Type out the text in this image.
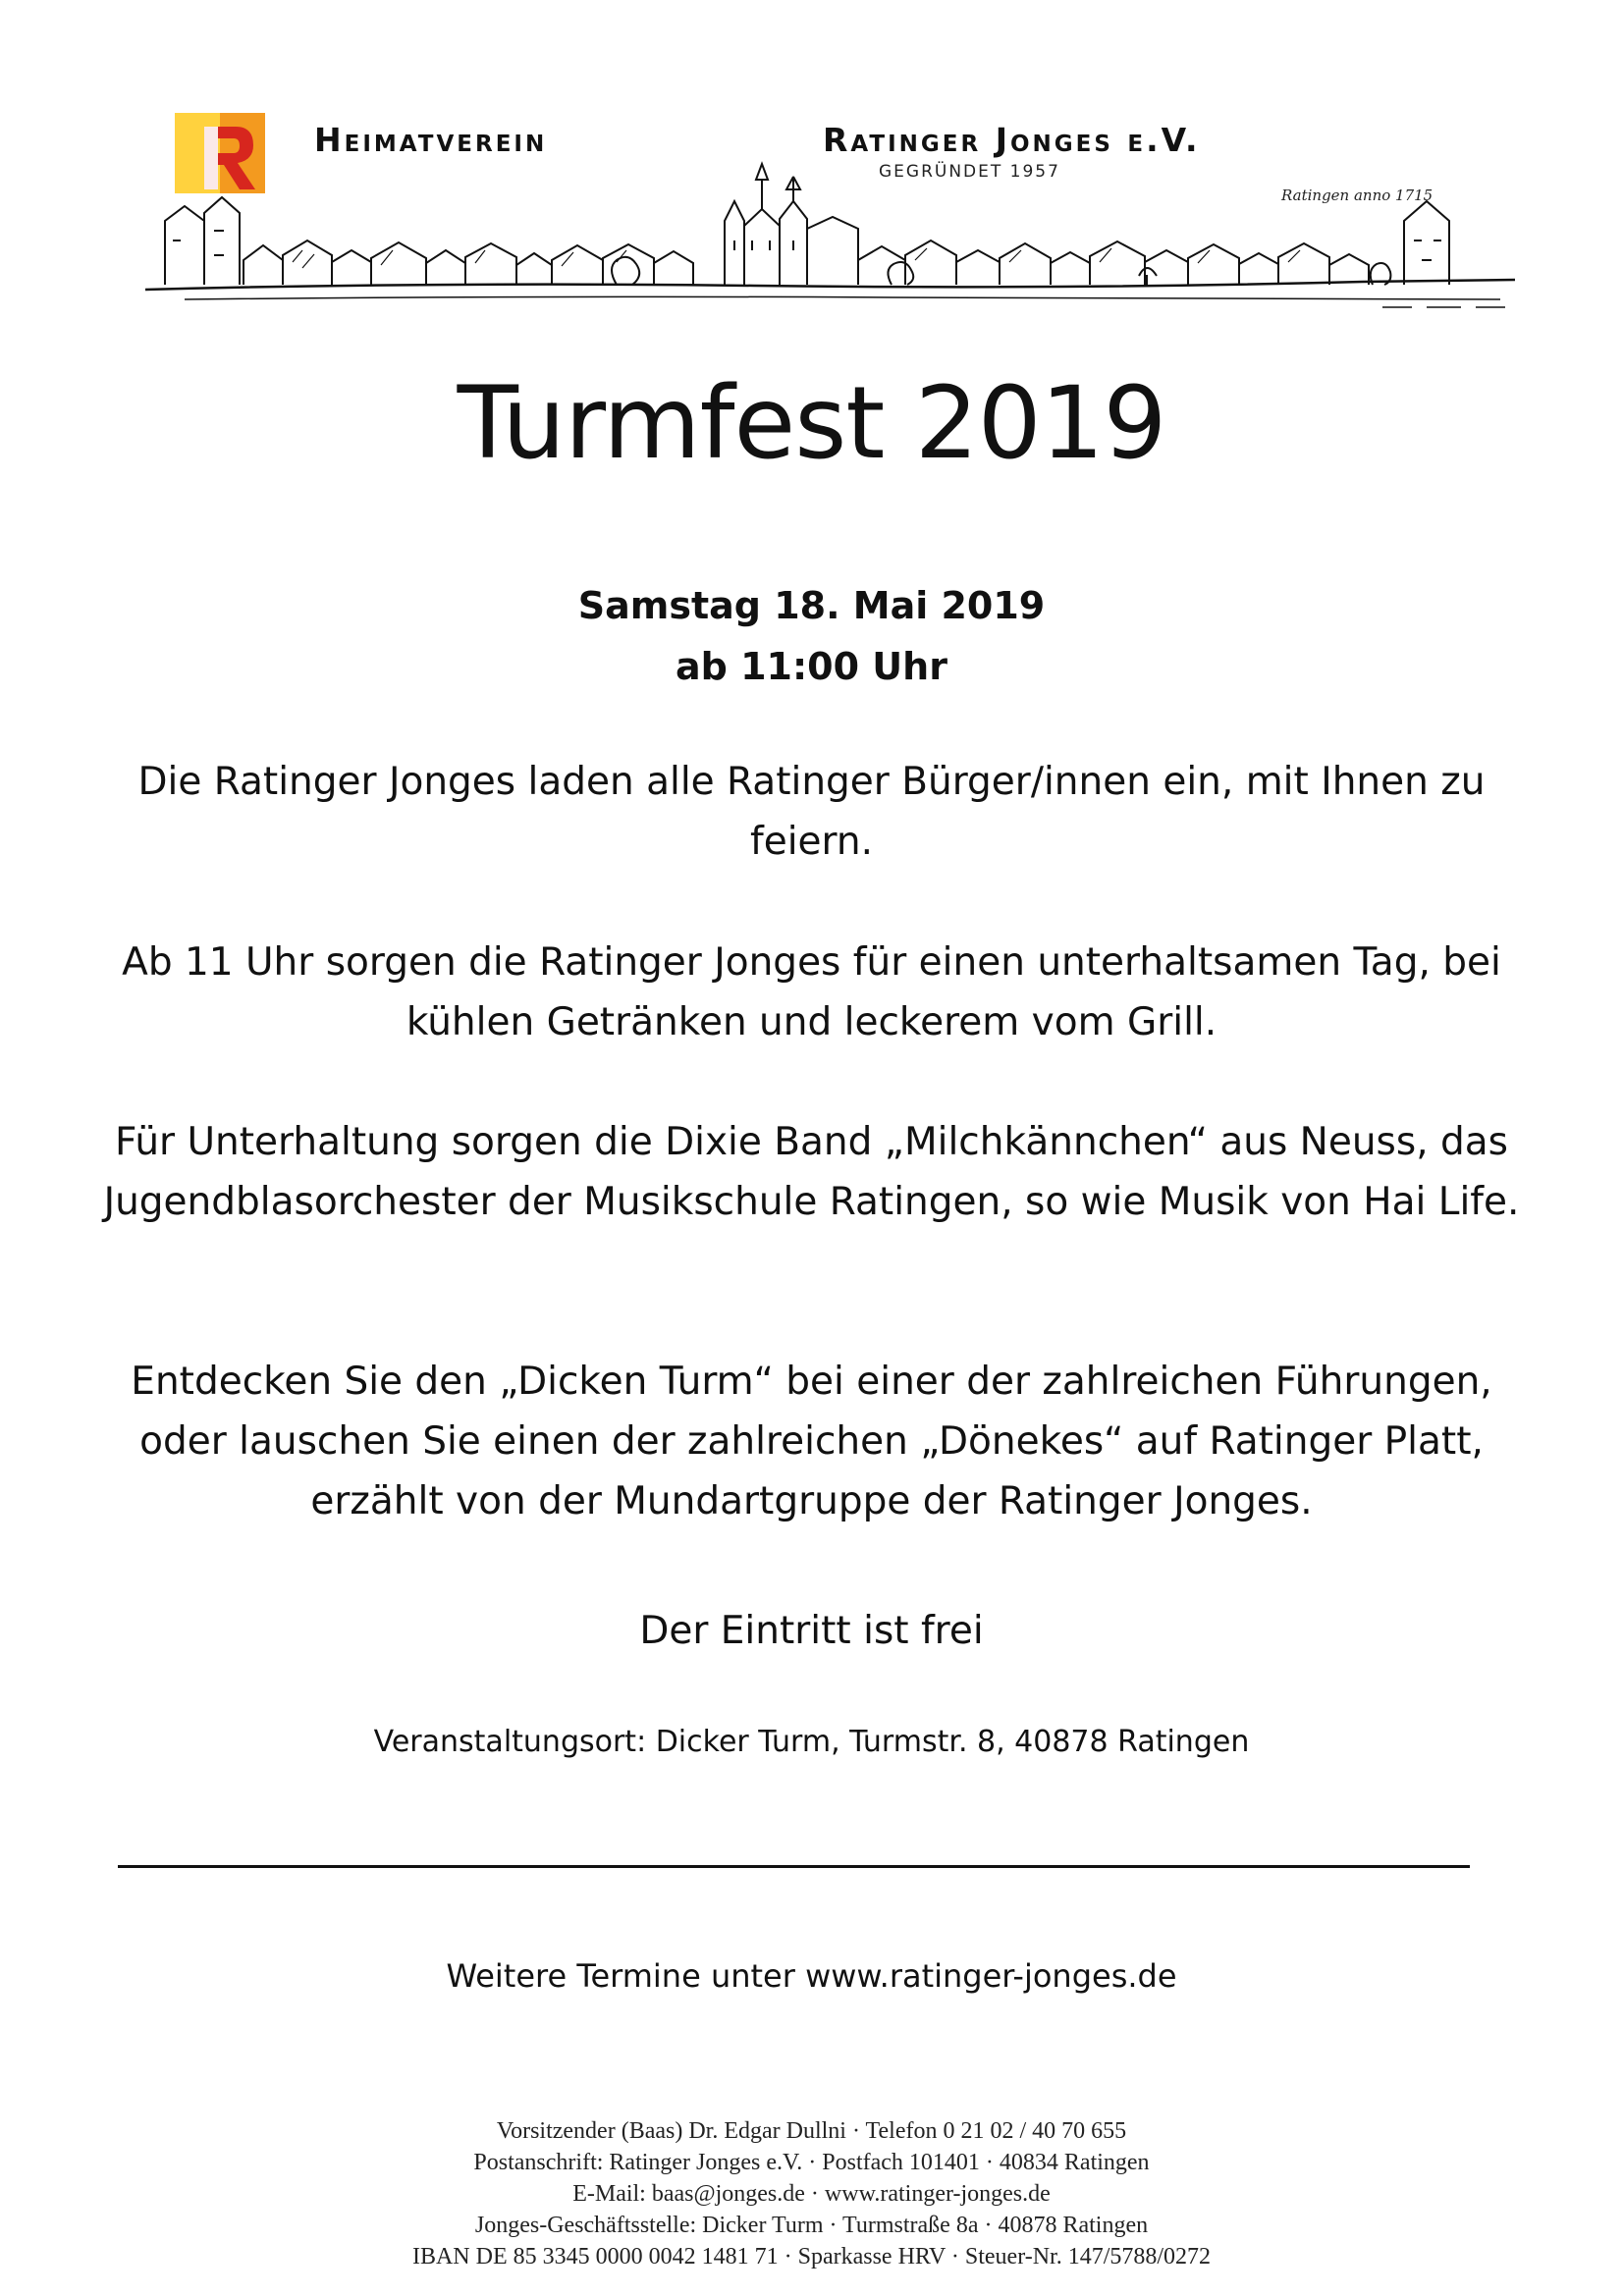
Heimatverein	Ratinger Jonges e.V.
GEGRÜNDET 1957
Ratingen anno 1715
Turmfest 2019
Samstag 18. Mai 2019
ab 11:00 Uhr

Die Ratinger Jonges laden alle Ratinger Bürger/innen ein, mit Ihnen zu feiern.

Ab 11 Uhr sorgen die Ratinger Jonges für einen unterhaltsamen Tag, bei kühlen Getränken und leckerem vom Grill.

Für Unterhaltung sorgen die Dixie Band „Milchkännchen“ aus Neuss, das Jugendblasorchester der Musikschule Ratingen, so wie Musik von Hai Life.

Entdecken Sie den „Dicken Turm“ bei einer der zahlreichen Führungen, oder lauschen Sie einen der zahlreichen „Dönekes“ auf Ratinger Platt, erzählt von der Mundartgruppe der Ratinger Jonges.

Der Eintritt ist frei
Veranstaltungsort: Dicker Turm, Turmstr. 8, 40878 Ratingen
Weitere Termine unter www.ratinger-jonges.de
Vorsitzender (Baas) Dr. Edgar Dullni · Telefon 0 21 02 / 40 70 655
Postanschrift: Ratinger Jonges e.V. · Postfach 101401 · 40834 Ratingen
E-Mail: baas@jonges.de · www.ratinger-jonges.de
Jonges-Geschäftsstelle: Dicker Turm · Turmstraße 8a · 40878 Ratingen
IBAN DE 85 3345 0000 0042 1481 71 · Sparkasse HRV · Steuer-Nr. 147/5788/0272
